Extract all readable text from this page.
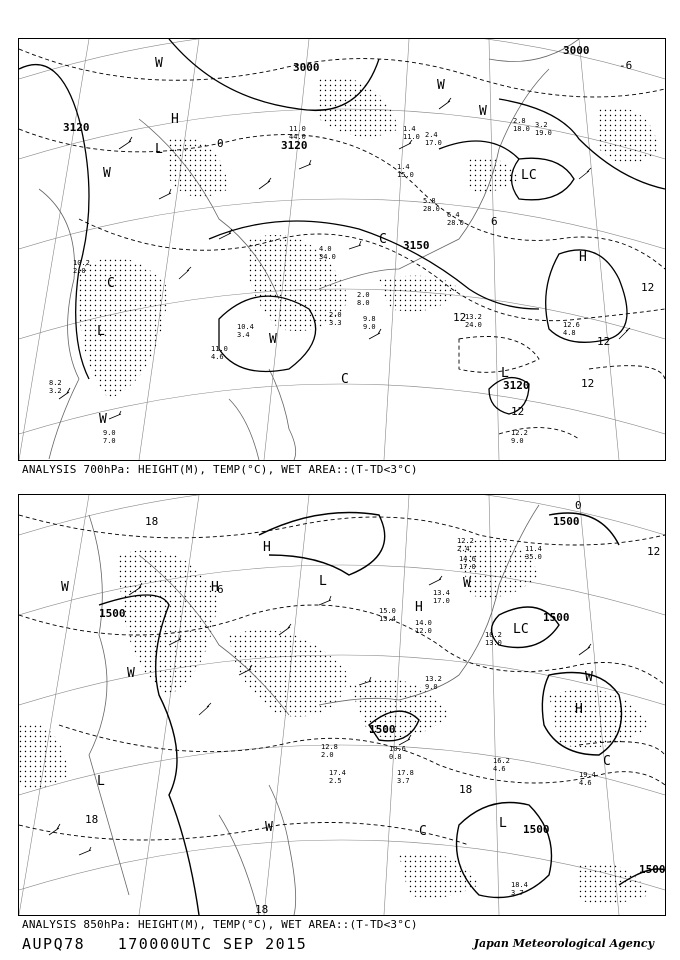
H
L
L
LC
H
L
C
C
C
W
W
W
W
W
W
3000
3000
3120
3120
3150
3120
-6
0
6
12
12
12
12
12
11.0 44.0
1.4 11.0 2.4 17.0
1.4 15.0
2.8 18.0 3.2 19.0
5.8 28.0
6.4 28.0
4.0 34.0
2.0 3.3
2.0 8.0
9.8 9.0
10.4 3.4
11.0 4.6
12.2 9.0
12.6 4.8
13.2 24.0
8.2 3.2
9.0 7.0
10.2 2.0
ANALYSIS 700hPa: HEIGHT(M), TEMP(°C), WET AREA::(T-TD<3°C)
H
H	L
H
LC
H
L
L
C
C
W
W
W
W
W
1500
1500	1500
1500
1500
1500
18
18
18
18
12
6
0
13.4 17.0
14.0 12.0
15.0 13.4
12.8 2.0
17.4 2.5
17.8 3.7
16.2 4.6
13.2 9.0
10.6 0.8
19.4 4.6
11.4 35.0
10.2 13.0
14.6 17.0
18.4 3.7
12.2 2.4
ANALYSIS 850hPa: HEIGHT(M), TEMP(°C), WET AREA::(T-TD<3°C)
AUPQ78 170000UTC SEP 2015	Japan Meteorological Agency
